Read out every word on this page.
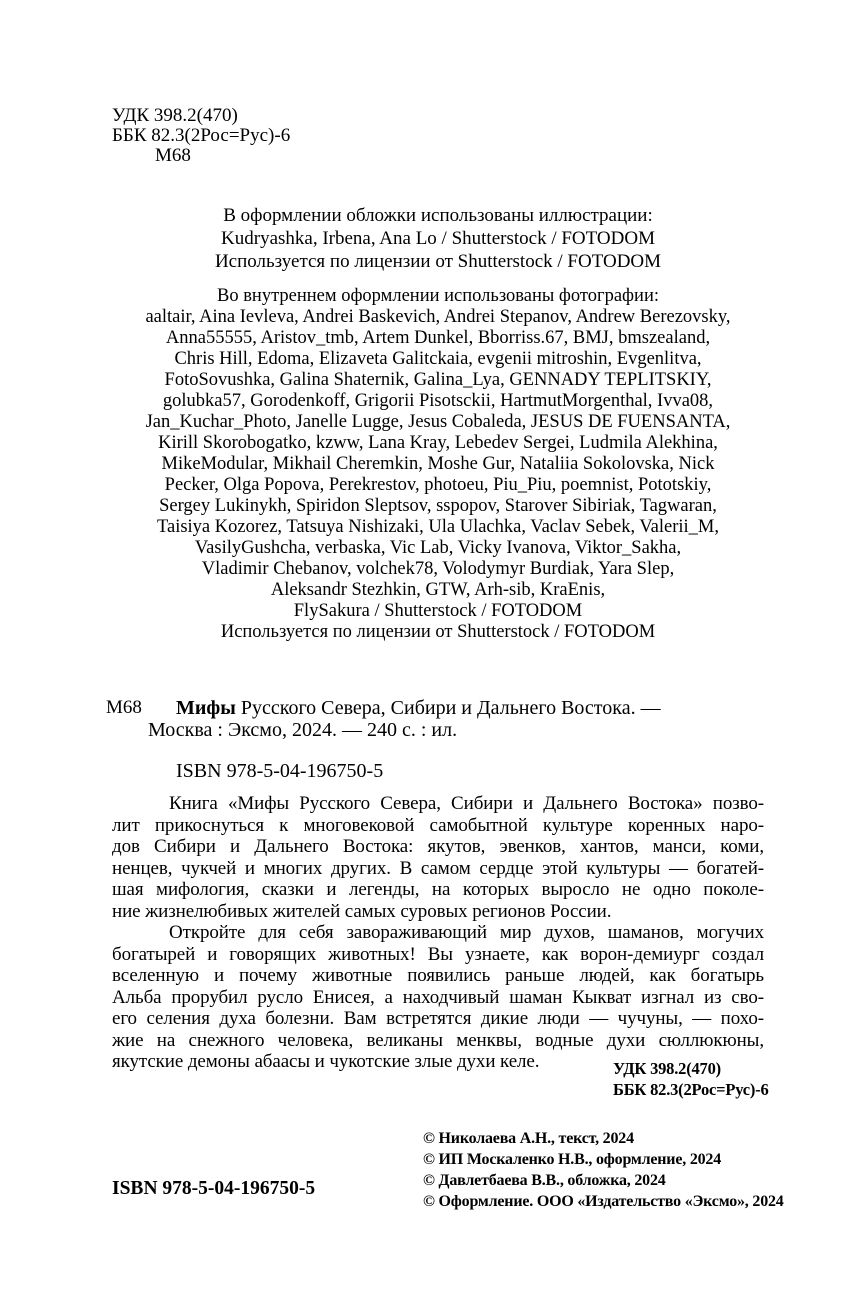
УДК 398.2(470)
ББК 82.3(2Рос=Рус)-6
М68
В оформлении обложки использованы иллюстрации:
Kudryashka, Irbena, Ana Lo / Shutterstock / FOTODOM
Используется по лицензии от Shutterstock / FOTODOM
Во внутреннем оформлении использованы фотографии:
aaltair, Aina Ievleva, Andrei Baskevich, Andrei Stepanov, Andrew Berezovsky,
Anna55555, Aristov_tmb, Artem Dunkel, Bborriss.67, BMJ, bmszealand,
Chris Hill, Edoma, Elizaveta Galitckaia, evgenii mitroshin, Evgenlitva,
FotoSovushka, Galina Shaternik, Galina_Lya, GENNADY TEPLITSKIY,
golubka57, Gorodenkoff, Grigorii Pisotsckii, HartmutMorgenthal, Ivva08,
Jan_Kuchar_Photo, Janelle Lugge, Jesus Cobaleda, JESUS DE FUENSANTA,
Kirill Skorobogatko, kzww, Lana Kray, Lebedev Sergei, Ludmila Alekhina,
MikeModular, Mikhail Cheremkin, Moshe Gur, Nataliia Sokolovska, Nick
Pecker, Olga Popova, Perekrestov, photoeu, Piu_Piu, poemnist, Pototskiy,
Sergey Lukinykh, Spiridon Sleptsov, sspopov, Starover Sibiriak, Tagwaran,
Taisiya Kozorez, Tatsuya Nishizaki, Ula Ulachka, Vaclav Sebek, Valerii_M,
VasilyGushcha, verbaska, Vic Lab, Vicky Ivanova, Viktor_Sakha,
Vladimir Chebanov, volchek78, Volodymyr Burdiak, Yara Slep,
Aleksandr Stezhkin, GTW, Arh-sib, KraEnis,
FlySakura / Shutterstock / FOTODOM
Используется по лицензии от Shutterstock / FOTODOM
М68 Мифы Русского Севера, Сибири и Дальнего Востока. —
Москва : Эксмо, 2024. — 240 с. : ил.
ISBN 978-5-04-196750-5
Книга «Мифы Русского Севера, Сибири и Дальнего Востока» позво-
лит прикоснуться к многовековой самобытной культуре коренных наро-
дов Сибири и Дальнего Востока: якутов, эвенков, хантов, манси, коми,
ненцев, чукчей и многих других. В самом сердце этой культуры — богатей-
шая мифология, сказки и легенды, на которых выросло не одно поколе-
ние жизнелюбивых жителей самых суровых регионов России.
Откройте для себя завораживающий мир духов, шаманов, могучих
богатырей и говорящих животных! Вы узнаете, как ворон-демиург создал
вселенную и почему животные появились раньше людей, как богатырь
Альба прорубил русло Енисея, а находчивый шаман Кыкват изгнал из сво-
его селения духа болезни. Вам встретятся дикие люди — чучуны, — похо-
жие на снежного человека, великаны менквы, водные духи сюллюкюны,
якутские демоны абаасы и чукотские злые духи келе.	УДК 398.2(470)
ББК 82.3(2Рос=Рус)-6
© Николаева А.Н., текст, 2024
© ИП Москаленко Н.В., оформление, 2024
© Давлетбаева В.В., обложка, 2024
© Оформление. ООО «Издательство «Эксмо», 2024
ISBN 978-5-04-196750-5
